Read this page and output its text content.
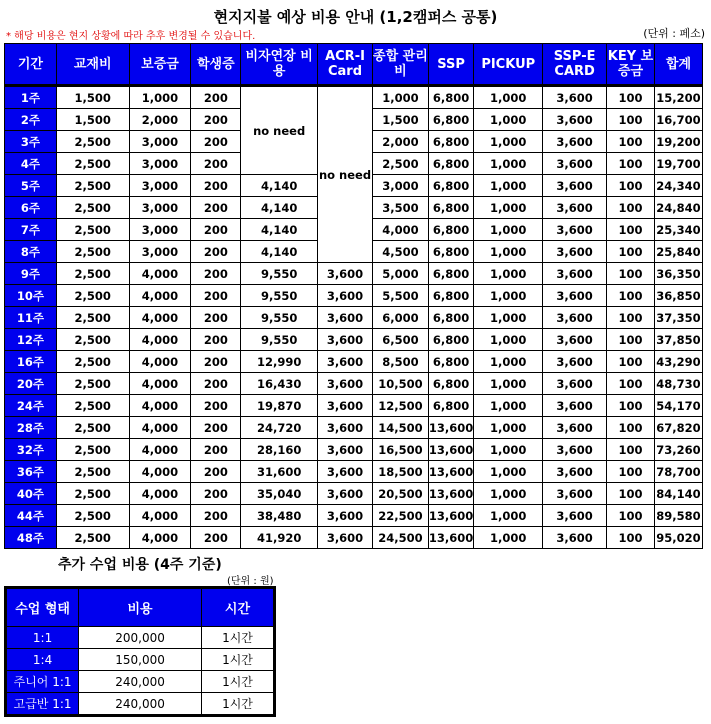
현지지불 예상 비용 안내 (1,2캠퍼스 공통)
* 해당 비용은 현지 상황에 따라 추후 변경될 수 있습니다.	(단위 : 페소)
기간	교재비	보증금	학생증	비자연장 비용	ACR-I Card	종합 관리비	SSP	PICKUP	SSP-E CARD	KEY 보증금	합계
1주	1,500	1,000	200	no need	no need	1,000	6,800	1,000	3,600	100	15,200
2주	1,500	2,000	200			1,500	6,800	1,000	3,600	100	16,700
3주	2,500	3,000	200			2,000	6,800	1,000	3,600	100	19,200
4주	2,500	3,000	200			2,500	6,800	1,000	3,600	100	19,700
5주	2,500	3,000	200	4,140		3,000	6,800	1,000	3,600	100	24,340
6주	2,500	3,000	200	4,140		3,500	6,800	1,000	3,600	100	24,840
7주	2,500	3,000	200	4,140		4,000	6,800	1,000	3,600	100	25,340
8주	2,500	3,000	200	4,140		4,500	6,800	1,000	3,600	100	25,840
9주	2,500	4,000	200	9,550	3,600	5,000	6,800	1,000	3,600	100	36,350
10주	2,500	4,000	200	9,550	3,600	5,500	6,800	1,000	3,600	100	36,850
11주	2,500	4,000	200	9,550	3,600	6,000	6,800	1,000	3,600	100	37,350
12주	2,500	4,000	200	9,550	3,600	6,500	6,800	1,000	3,600	100	37,850
16주	2,500	4,000	200	12,990	3,600	8,500	6,800	1,000	3,600	100	43,290
20주	2,500	4,000	200	16,430	3,600	10,500	6,800	1,000	3,600	100	48,730
24주	2,500	4,000	200	19,870	3,600	12,500	6,800	1,000	3,600	100	54,170
28주	2,500	4,000	200	24,720	3,600	14,500	13,600	1,000	3,600	100	67,820
32주	2,500	4,000	200	28,160	3,600	16,500	13,600	1,000	3,600	100	73,260
36주	2,500	4,000	200	31,600	3,600	18,500	13,600	1,000	3,600	100	78,700
40주	2,500	4,000	200	35,040	3,600	20,500	13,600	1,000	3,600	100	84,140
44주	2,500	4,000	200	38,480	3,600	22,500	13,600	1,000	3,600	100	89,580
48주	2,500	4,000	200	41,920	3,600	24,500	13,600	1,000	3,600	100	95,020
추가 수업 비용 (4주 기준)
(단위 : 원)
수업 형태	비용	시간
1:1	200,000	1시간
1:4	150,000	1시간
주니어 1:1	240,000	1시간
고급반 1:1	240,000	1시간
